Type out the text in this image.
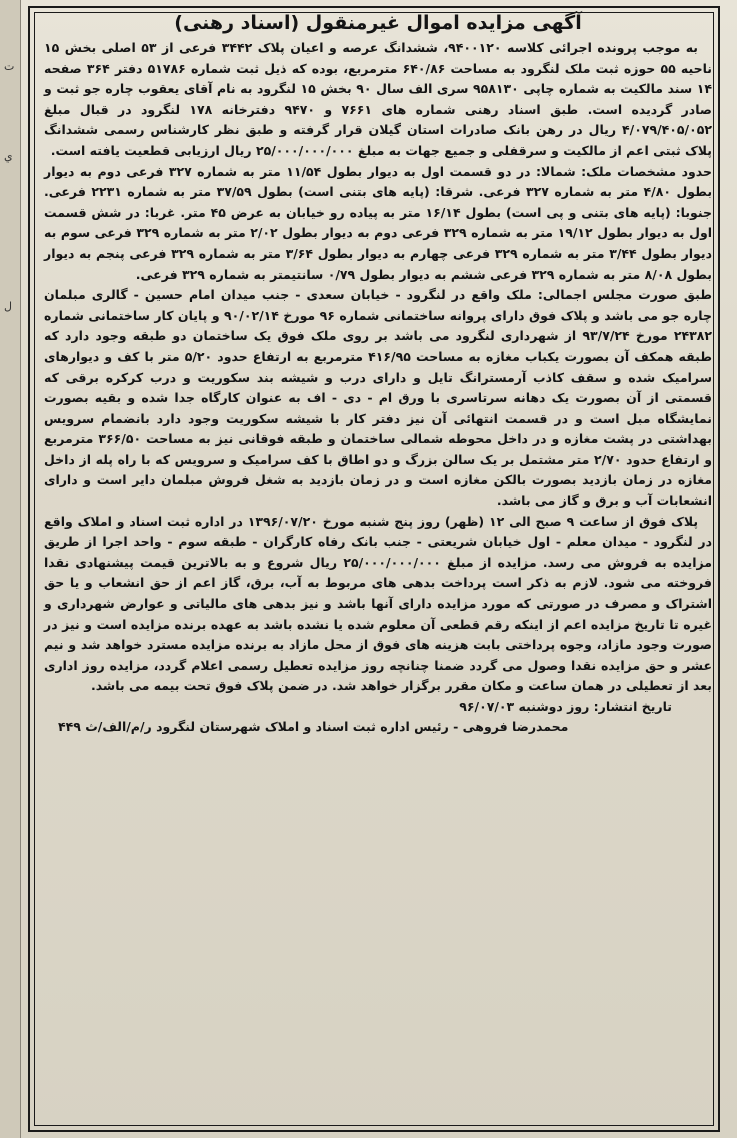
ت
ي
ل
آگهی مزایده اموال غیرمنقول (اسناد رهنی)

به موجب پرونده اجرائی کلاسه ۹۴۰۰۱۲۰، ششدانگ عرصه و اعیان پلاک ۳۴۴۲ فرعی از ۵۳ اصلی بخش ۱۵ ناحیه ۵۵ حوزه ثبت ملک لنگرود به مساحت ۶۴۰/۸۶ مترمربع، بوده که ذیل ثبت شماره ۵۱۷۸۶ دفتر ۳۶۴ صفحه ۱۴ سند مالکیت به شماره چاپی ۹۵۸۱۳۰ سری الف سال ۹۰ بخش ۱۵ لنگرود به نام آقای یعقوب چاره جو ثبت و صادر گردیده است. طبق اسناد رهنی شماره های ۷۶۶۱ و ۹۴۷۰ دفترخانه ۱۷۸ لنگرود در قبال مبلغ ۴/۰۷۹/۴۰۵/۰۵۲ ریال در رهن بانک صادرات استان گیلان قرار گرفته و طبق نظر کارشناس رسمی ششدانگ پلاک ثبتی اعم از مالکیت و سرقفلی و جمیع جهات به مبلغ ۲۵/۰۰۰/۰۰۰/۰۰۰ ریال ارزیابی قطعیت یافته است.

حدود مشخصات ملک: شمالا: در دو قسمت اول به دیوار بطول ۱۱/۵۴ متر به شماره ۳۲۷ فرعی دوم به دیوار بطول ۴/۸۰ متر به شماره ۳۲۷ فرعی. شرقا: (پایه های بتنی است) بطول ۳۷/۵۹ متر به شماره ۲۲۳۱ فرعی. جنوبا: (پایه های بتنی و پی است) بطول ۱۶/۱۴ متر به پیاده رو خیابان به عرض ۴۵ متر. غربا: در شش قسمت اول به دیوار بطول ۱۹/۱۲ متر به شماره ۳۲۹ فرعی دوم به دیوار بطول ۲/۰۲ متر به شماره ۳۲۹ فرعی سوم به دیوار بطول ۳/۴۴ متر به شماره ۳۲۹ فرعی چهارم به دیوار بطول ۳/۶۴ متر به شماره ۳۲۹ فرعی پنجم به دیوار بطول ۸/۰۸ متر به شماره ۳۲۹ فرعی ششم به دیوار بطول ۰/۷۹ سانتیمتر به شماره ۳۲۹ فرعی.

طبق صورت مجلس اجمالی: ملک واقع در لنگرود - خیابان سعدی - جنب میدان امام حسین - گالری مبلمان چاره جو می باشد و پلاک فوق دارای پروانه ساختمانی شماره ۹۶ مورخ ۹۰/۰۲/۱۴ و پایان کار ساختمانی شماره ۲۴۳۸۲ مورخ ۹۳/۷/۲۴ از شهرداری لنگرود می باشد بر روی ملک فوق یک ساختمان دو طبقه وجود دارد که طبقه همکف آن بصورت یکباب مغازه به مساحت ۴۱۶/۹۵ مترمربع به ارتفاع حدود ۵/۲۰ متر با کف و دیوارهای سرامیک شده و سقف کاذب آرمسترانگ تایل و دارای درب و شیشه بند سکوریت و درب کرکره برقی که قسمتی از آن بصورت یک دهانه سرتاسری با ورق ام - دی - اف به عنوان کارگاه جدا شده و بقیه بصورت نمایشگاه مبل است و در قسمت انتهائی آن نیز دفتر کار با شیشه سکوریت وجود دارد بانضمام سرویس بهداشتی در پشت مغازه و در داخل محوطه شمالی ساختمان و طبقه فوقانی نیز به مساحت ۳۶۶/۵۰ مترمربع و ارتفاع حدود ۲/۷۰ متر مشتمل بر یک سالن بزرگ و دو اطاق با کف سرامیک و سرویس که با راه پله از داخل مغازه در زمان بازدید بصورت بالکن مغازه است و در زمان بازدید به شغل فروش مبلمان دایر است و دارای انشعابات آب و برق و گاز می باشد.

پلاک فوق از ساعت ۹ صبح الی ۱۲ (ظهر) روز پنج شنبه مورخ ۱۳۹۶/۰۷/۲۰ در اداره ثبت اسناد و املاک واقع در لنگرود - میدان معلم - اول خیابان شریعتی - جنب بانک رفاه کارگران - طبقه سوم - واحد اجرا از طریق مزایده به فروش می رسد. مزایده از مبلغ ۲۵/۰۰۰/۰۰۰/۰۰۰ ریال شروع و به بالاترین قیمت پیشنهادی نقدا فروخته می شود. لازم به ذکر است پرداخت بدهی های مربوط به آب، برق، گاز اعم از حق انشعاب و یا حق اشتراک و مصرف در صورتی که مورد مزایده دارای آنها باشد و نیز بدهی های مالیاتی و عوارض شهرداری و غیره تا تاریخ مزایده اعم از اینکه رقم قطعی آن معلوم شده یا نشده باشد به عهده برنده مزایده است و نیز در صورت وجود مازاد، وجوه پرداختی بابت هزینه های فوق از محل مازاد به برنده مزایده مسترد خواهد شد و نیم عشر و حق مزایده نقدا وصول می گردد ضمنا چنانچه روز مزایده تعطیل رسمی اعلام گردد، مزایده روز اداری بعد از تعطیلی در همان ساعت و مکان مقرر برگزار خواهد شد. در ضمن پلاک فوق تحت بیمه می باشد.

تاریخ انتشار: روز دوشنبه ۹۶/۰۷/۰۳

محمدرضا فروهی - رئیس اداره ثبت اسناد و املاک شهرستان لنگرود ر/م/الف/ث ۴۴۹
